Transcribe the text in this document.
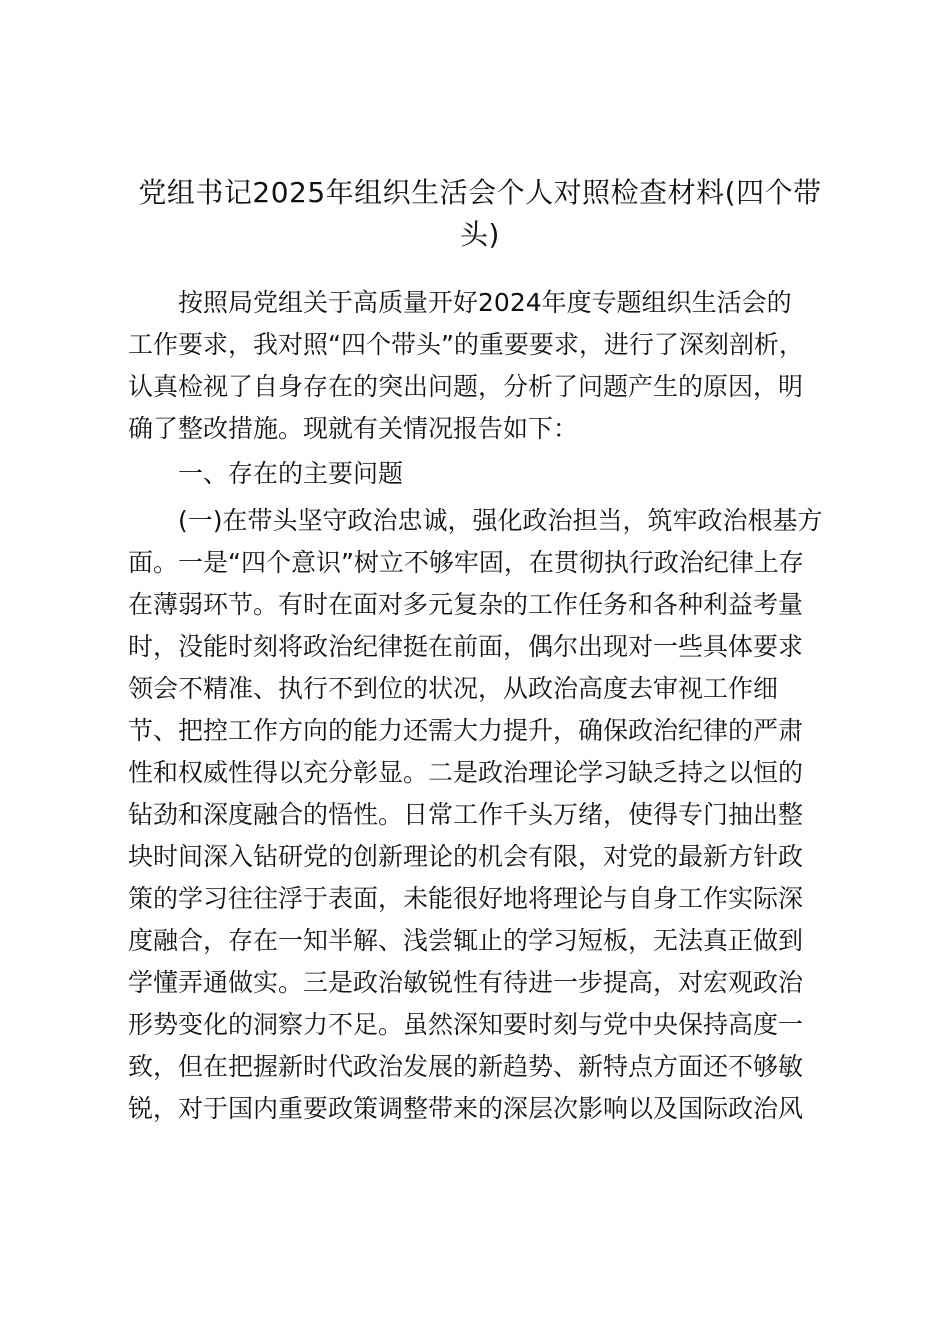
党组书记2025年组织生活会个人对照检查材料(四个带头)

按照局党组关于高质量开好2024年度专题组织生活会的

工作要求，我对照“四个带头”的重要要求，进行了深刻剖析，

认真检视了自身存在的突出问题，分析了问题产生的原因，明

确了整改措施。现就有关情况报告如下：

一、存在的主要问题

(一)在带头坚守政治忠诚，强化政治担当，筑牢政治根基方

面。一是“四个意识”树立不够牢固，在贯彻执行政治纪律上存

在薄弱环节。有时在面对多元复杂的工作任务和各种利益考量

时，没能时刻将政治纪律挺在前面，偶尔出现对一些具体要求

领会不精准、执行不到位的状况，从政治高度去审视工作细

节、把控工作方向的能力还需大力提升，确保政治纪律的严肃

性和权威性得以充分彰显。二是政治理论学习缺乏持之以恒的

钻劲和深度融合的悟性。日常工作千头万绪，使得专门抽出整

块时间深入钻研党的创新理论的机会有限，对党的最新方针政

策的学习往往浮于表面，未能很好地将理论与自身工作实际深

度融合，存在一知半解、浅尝辄止的学习短板，无法真正做到

学懂弄通做实。三是政治敏锐性有待进一步提高，对宏观政治

形势变化的洞察力不足。虽然深知要时刻与党中央保持高度一

致，但在把握新时代政治发展的新趋势、新特点方面还不够敏

锐，对于国内重要政策调整带来的深层次影响以及国际政治风
